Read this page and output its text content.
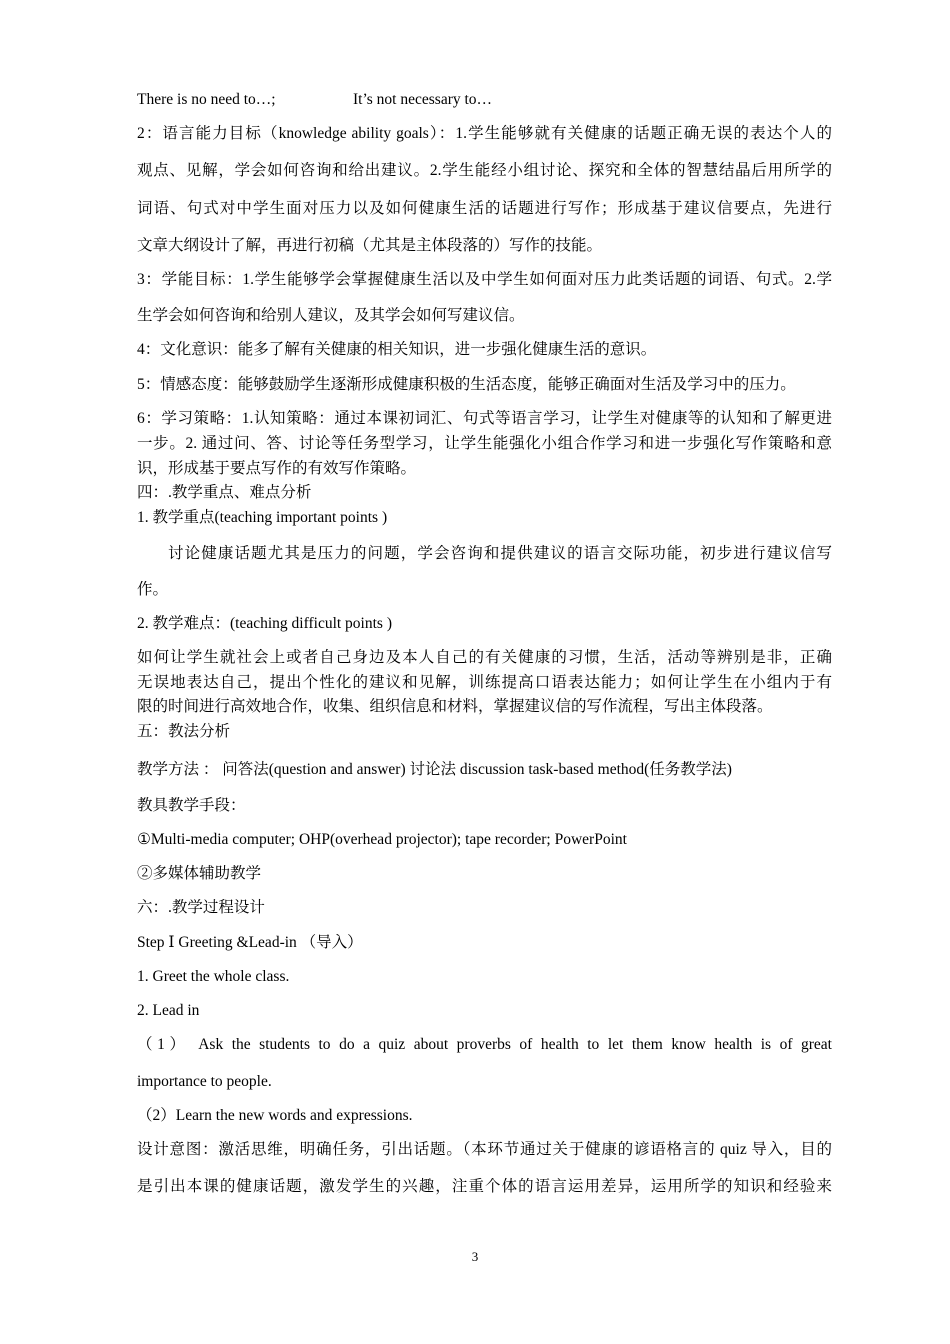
There is no need to…;	It’s not necessary to…
2：语言能力目标（knowledge ability goals）：1.学生能够就有关健康的话题正确无误的表达个人的
观点、见解，学会如何咨询和给出建议。2.学生能经小组讨论、探究和全体的智慧结晶后用所学的
词语、句式对中学生面对压力以及如何健康生活的话题进行写作；形成基于建议信要点，先进行
文章大纲设计了解，再进行初稿（尤其是主体段落的）写作的技能。
3：学能目标：1.学生能够学会掌握健康生活以及中学生如何面对压力此类话题的词语、句式。2.学
生学会如何咨询和给别人建议，及其学会如何写建议信。
4：文化意识：能多了解有关健康的相关知识，进一步强化健康生活的意识。
5：情感态度：能够鼓励学生逐渐形成健康积极的生活态度，能够正确面对生活及学习中的压力。
6：学习策略：1.认知策略：通过本课初词汇、句式等语言学习，让学生对健康等的认知和了解更进
一步。2. 通过问、答、讨论等任务型学习，让学生能强化小组合作学习和进一步强化写作策略和意
识，形成基于要点写作的有效写作策略。
四：.教学重点、难点分析
1. 教学重点(teaching important points )
讨论健康话题尤其是压力的问题，学会咨询和提供建议的语言交际功能，初步进行建议信写
作。
2. 教学难点：(teaching difficult points )
如何让学生就社会上或者自己身边及本人自己的有关健康的习惯，生活，活动等辨别是非，正确
无误地表达自己，提出个性化的建议和见解，训练提高口语表达能力；如何让学生在小组内于有
限的时间进行高效地合作，收集、组织信息和材料，掌握建议信的写作流程，写出主体段落。
五：教法分析
教学方法 ： 问答法(question and answer) 讨论法 discussion task-based method(任务教学法)
教具教学手段：
①Multi-media computer; OHP(overhead projector); tape recorder; PowerPoint
②多媒体辅助教学
六：.教学过程设计
Step Ⅰ Greeting &Lead-in （导入）
1. Greet the whole class.
2. Lead in
（1） Ask the students to do a quiz about proverbs of health to let them know health is of great
importance to people.
（2）Learn the new words and expressions.
设计意图：激活思维，明确任务，引出话题。（本环节通过关于健康的谚语格言的 quiz 导入，目的
是引出本课的健康话题，激发学生的兴趣，注重个体的语言运用差异，运用所学的知识和经验来
3
